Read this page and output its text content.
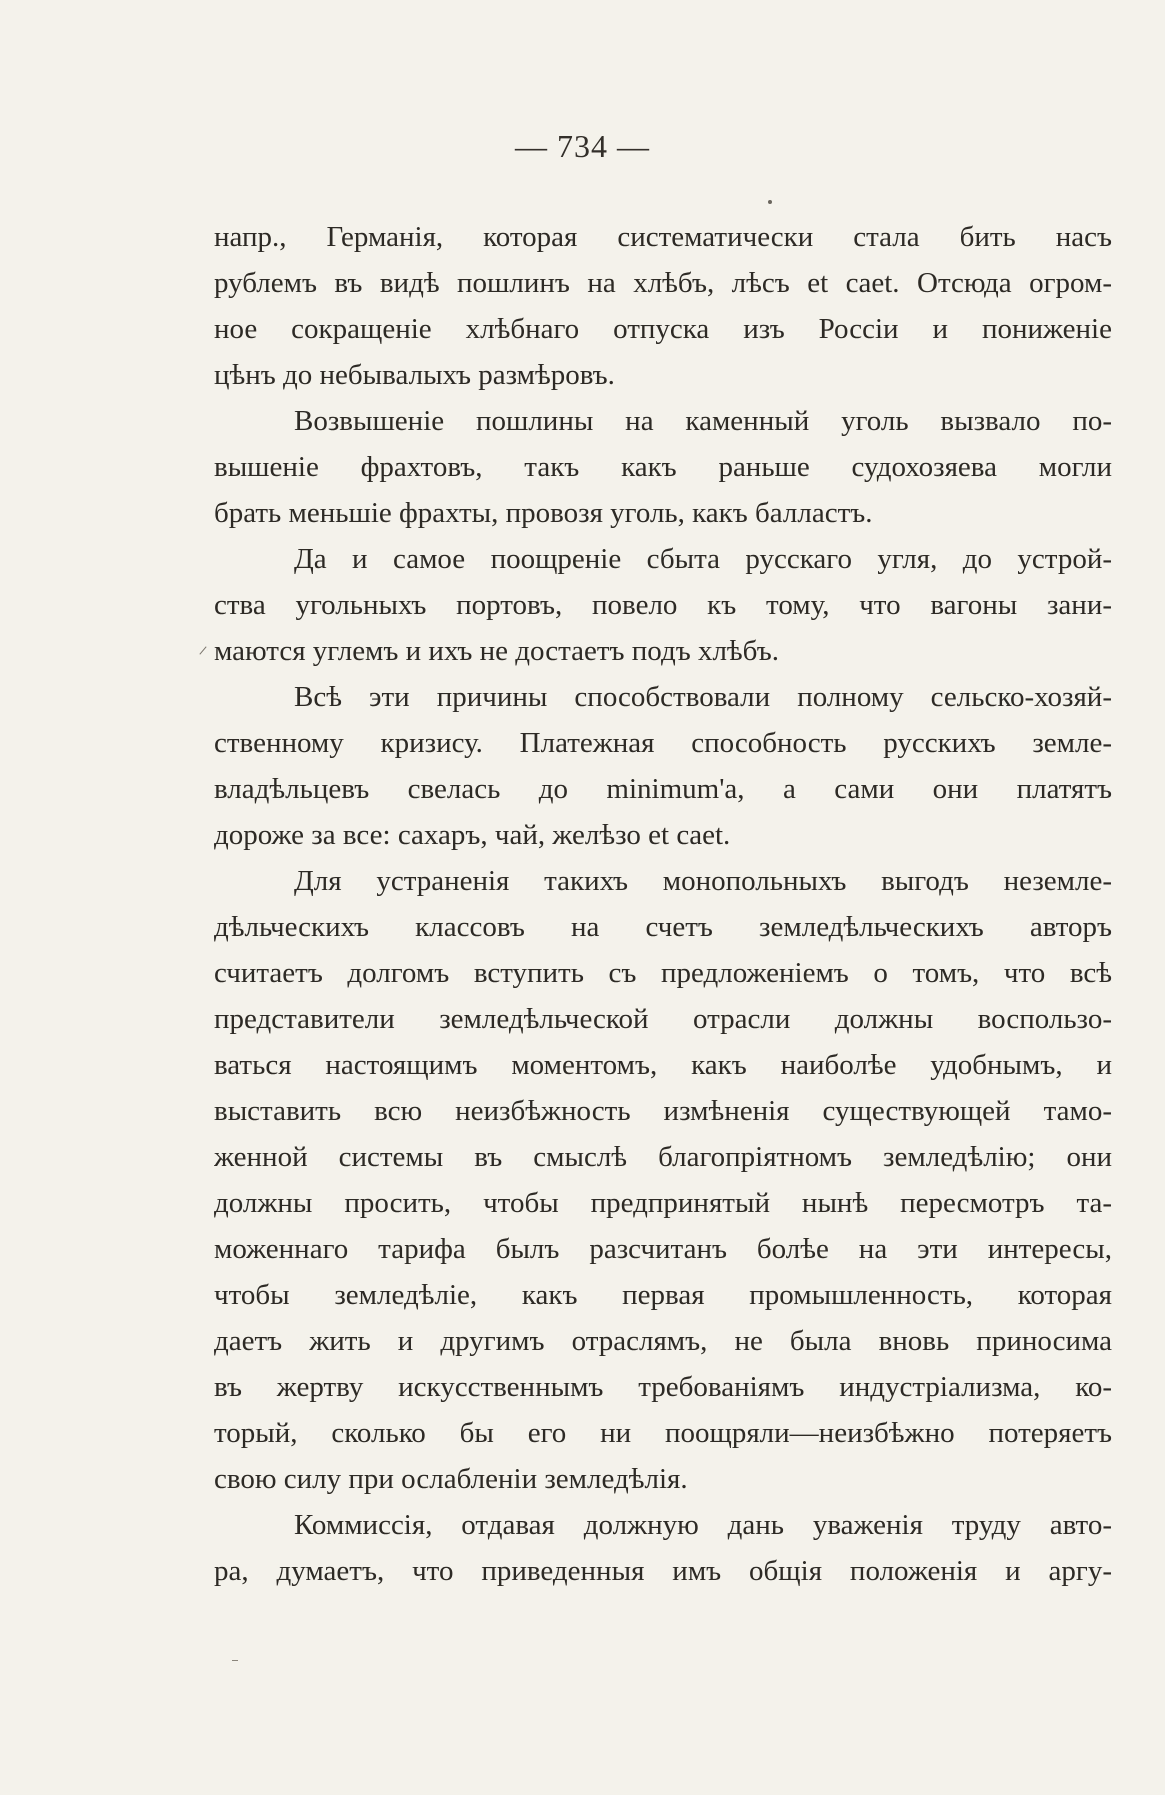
— 734 —
напр., Германія, которая систематически стала бить насъ
рублемъ въ видѣ пошлинъ на хлѣбъ, лѣсъ et caet. Отсюда огром-
ное сокращеніе хлѣбнаго отпуска изъ Россіи и пониженіе
цѣнъ до небывалыхъ размѣровъ.
Возвышеніе пошлины на каменный уголь вызвало по-
вышеніе фрахтовъ, такъ какъ раньше судохозяева могли
брать меньшіе фрахты, провозя уголь, какъ балластъ.
Да и самое поощреніе сбыта русскаго угля, до устрой-
ства угольныхъ портовъ, повело къ тому, что вагоны зани-
маются углемъ и ихъ не достаетъ подъ хлѣбъ.
Всѣ эти причины способствовали полному сельско-хозяй-
ственному кризису. Платежная способность русскихъ земле-
владѣльцевъ свелась до minimum'a, а сами они платятъ
дороже за все: сахаръ, чай, желѣзо et caet.
Для устраненія такихъ монопольныхъ выгодъ неземле-
дѣльческихъ классовъ на счетъ земледѣльческихъ авторъ
считаетъ долгомъ вступить съ предложеніемъ о томъ, что всѣ
представители земледѣльческой отрасли должны воспользо-
ваться настоящимъ моментомъ, какъ наиболѣе удобнымъ, и
выставить всю неизбѣжность измѣненія существующей тамо-
женной системы въ смыслѣ благопріятномъ земледѣлію; они
должны просить, чтобы предпринятый нынѣ пересмотръ та-
моженнаго тарифа былъ разсчитанъ болѣе на эти интересы,
чтобы земледѣліе, какъ первая промышленность, которая
даетъ жить и другимъ отраслямъ, не была вновь приносима
въ жертву искусственнымъ требованіямъ индустріализма, ко-
торый, сколько бы его ни поощряли—неизбѣжно потеряетъ
свою силу при ослабленіи земледѣлія.
Коммиссія, отдавая должную дань уваженія труду авто-
ра, думаетъ, что приведенныя имъ общія положенія и аргу-
